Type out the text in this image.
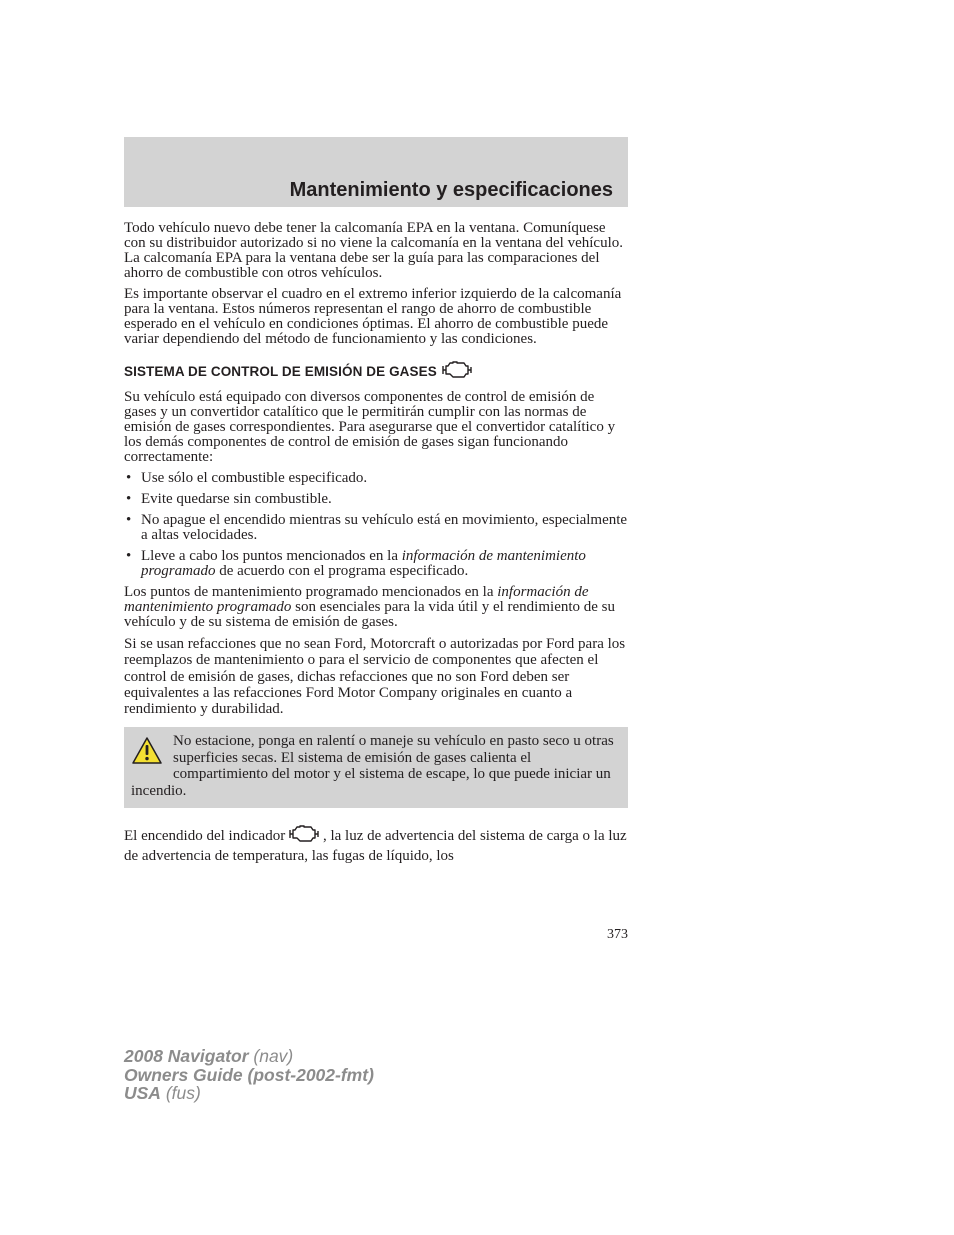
Mantenimiento y especificaciones

Todo vehículo nuevo debe tener la calcomanía EPA en la ventana. Comuníquese con su distribuidor autorizado si no viene la calcomanía en la ventana del vehículo. La calcomanía EPA para la ventana debe ser la guía para las comparaciones del ahorro de combustible con otros vehículos.

Es importante observar el cuadro en el extremo inferior izquierdo de la calcomanía para la ventana. Estos números representan el rango de ahorro de combustible esperado en el vehículo en condiciones óptimas. El ahorro de combustible puede variar dependiendo del método de funcionamiento y las condiciones.

SISTEMA DE CONTROL DE EMISIÓN DE GASES

Su vehículo está equipado con diversos componentes de control de emisión de gases y un convertidor catalítico que le permitirán cumplir con las normas de emisión de gases correspondientes. Para asegurarse que el convertidor catalítico y los demás componentes de control de emisión de gases sigan funcionando correctamente:

• Use sólo el combustible especificado.
• Evite quedarse sin combustible.
• No apague el encendido mientras su vehículo está en movimiento, especialmente a altas velocidades.
• Lleve a cabo los puntos mencionados en la información de mantenimiento programado de acuerdo con el programa especificado.

Los puntos de mantenimiento programado mencionados en la información de mantenimiento programado son esenciales para la vida útil y el rendimiento de su vehículo y de su sistema de emisión de gases.

Si se usan refacciones que no sean Ford, Motorcraft o autorizadas por Ford para los reemplazos de mantenimiento o para el servicio de componentes que afecten el control de emisión de gases, dichas refacciones que no son Ford deben ser equivalentes a las refacciones Ford Motor Company originales en cuanto a rendimiento y durabilidad.

No estacione, ponga en ralentí o maneje su vehículo en pasto seco u otras superficies secas. El sistema de emisión de gases calienta el compartimiento del motor y el sistema de escape, lo que puede iniciar un incendio.

El encendido del indicador , la luz de advertencia del sistema de carga o la luz de advertencia de temperatura, las fugas de líquido, los

373
2008 Navigator (nav)
Owners Guide (post-2002-fmt)
USA (fus)
